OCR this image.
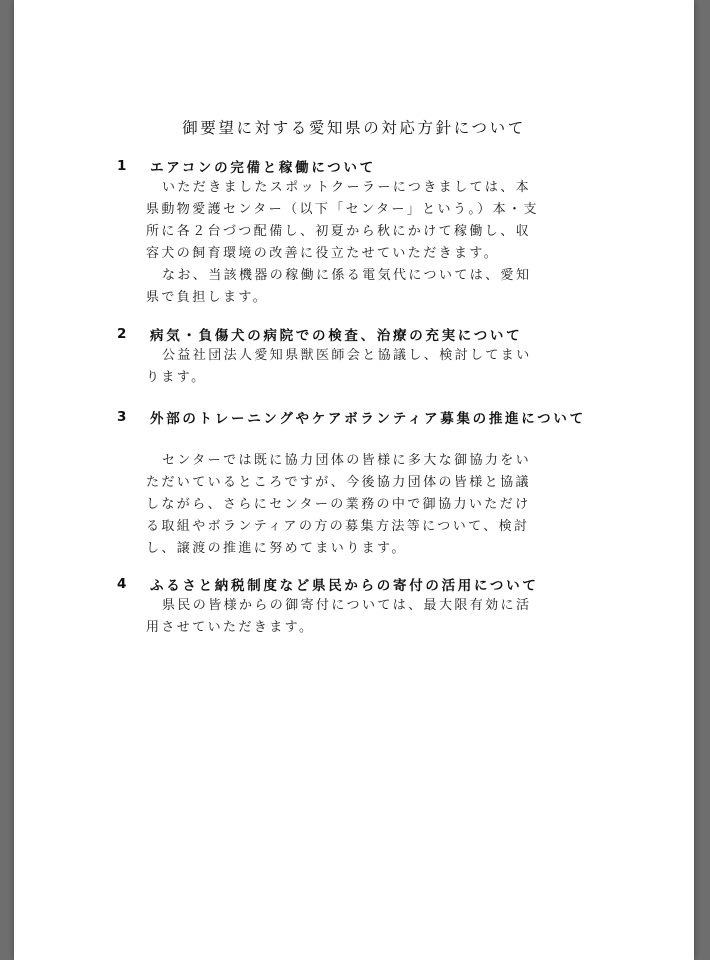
御要望に対する愛知県の対応方針について
1 エアコンの完備と稼働について

いただきましたスポットクーラーにつきましては、本

県動物愛護センター（以下「センター」という。）本・支

所に各２台づつ配備し、初夏から秋にかけて稼働し、収

容犬の飼育環境の改善に役立たせていただきます。

なお、当該機器の稼働に係る電気代については、愛知

県で負担します。

2 病気・負傷犬の病院での検査、治療の充実について

公益社団法人愛知県獣医師会と協議し、検討してまい

ります。

3	外部のトレーニングやケアボランティア募集の推進について

センターでは既に協力団体の皆様に多大な御協力をい

ただいているところですが、今後協力団体の皆様と協議

しながら、さらにセンターの業務の中で御協力いただけ

る取組やボランティアの方の募集方法等について、検討

し、譲渡の推進に努めてまいります。

4 ふるさと納税制度など県民からの寄付の活用について

県民の皆様からの御寄付については、最大限有効に活

用させていただきます。
